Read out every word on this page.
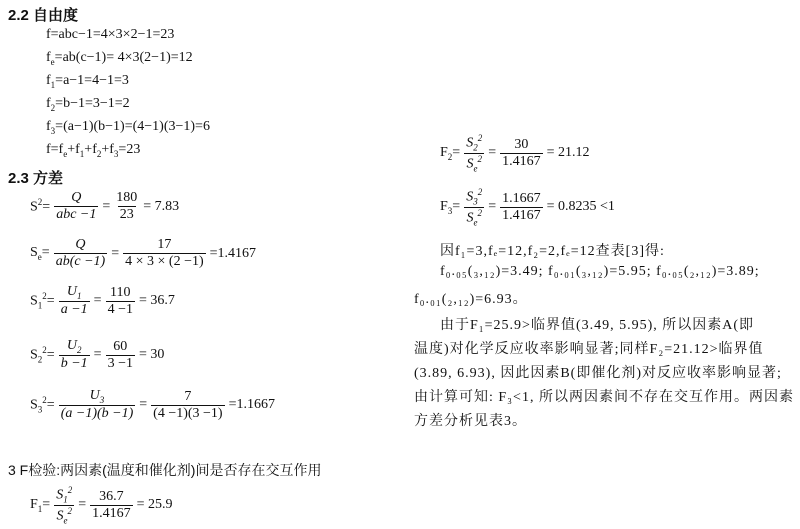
2.2 自由度
f=abc−1=4×3×2−1=23
$f_e=ab(c-1)= 4\times 3(2-1)=12$
$f_1=a-1=4-1=3$
$f_2=b-1=3-1=2$
$f_3=(a-1)(b-1)=(4-1)(3-1)=6$
$f=f_e+f_1+f_2+f_3=23$
2.3 方差
$S^2= \frac{Q}{\text{abc −1}} = \frac{180}{23} = 7.83$
$S_e= \frac{Q}{ab(c -1)} = \frac{17}{4 \times 3 \times (2 -1)} =1.4167$
$S_1^2= \frac{U_1}{a -1} = \frac{110}{4 -1} = 36.7$
$S_2^2= \frac{U_2}{b -1} = \frac{60}{3 -1} = 30$
$S_3^2= \frac{U_3}{(a -1)(b -1)} = \frac{7}{(4 -1)(3 -1)} =1.1667$
3 F检验:两因素(温度和催化剂)间是否存在交互作用
$F_1= \frac{S_1^2}{S_e^2} = \frac{36.7}{1.4167} = 25.9$
$F_2= \frac{S_2^2}{S_e^2} = \frac{30}{1.4167} = 21.12$
$F_3= \frac{S_3^2}{S_e^2} = \frac{1.1667}{1.4167} = 0.8235 <1$
因f₁=3,fₑ=12,f₂=2,fₑ=12查表[3]得:
f₀.₀₅(₃,₁₂)=3.49; f₀.₀₁(₃,₁₂)=5.95; f₀.₀₅(₂,₁₂)=3.89;
f₀.₀₁(₂,₁₂)=6.93。
由于F₁=25.9>临界值(3.49, 5.95), 所以因素A(即
温度)对化学反应收率影响显著;同样F₂=21.12>临界值
(3.89, 6.93), 因此因素B(即催化剂)对反应收率影响显著;
由计算可知: F₃<1, 所以两因素间不存在交互作用。两因素
方差分析见表3。
